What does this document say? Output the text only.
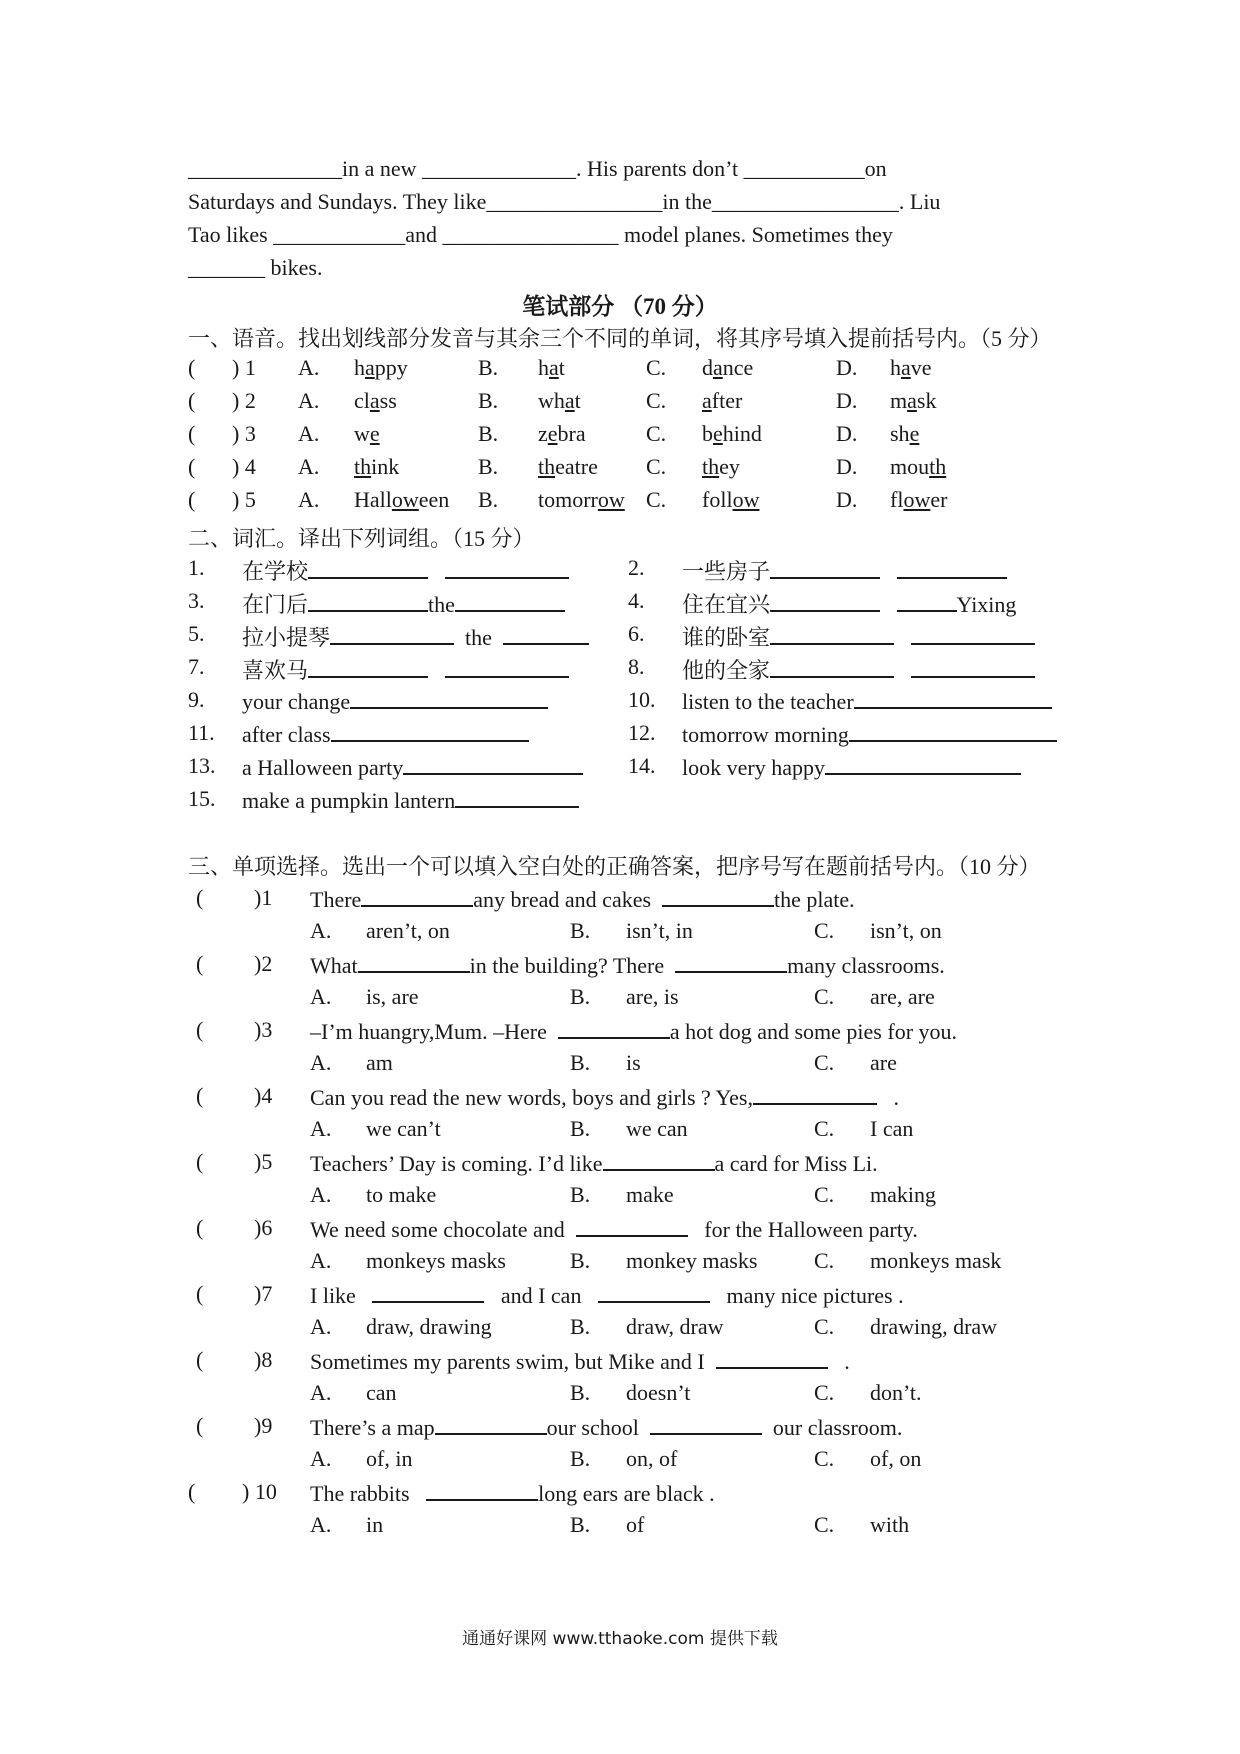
______________in a new ______________. His parents don’t ___________on
Saturdays and Sundays. They like________________in the_________________. Liu
Tao likes ____________and ________________ model planes. Sometimes they
_______ bikes.
笔试部分 （70 分）
一、语音。找出划线部分发音与其余三个不同的单词，将其序号填入提前括号内。（5 分）
( ) 1 A. happy	B. hat	C. dance	D. have
( ) 2 A. class	B. what	C. after	D. mask
( ) 3 A. we	B. zebra	C. behind	D. she
( ) 4 A. think	B. theatre C. they	D. mouth
( ) 5 A. Halloween B. tomorrow C. follow	D. flower
二、词汇。译出下列词组。（15 分）
1. 在学校	2. 一些房子
3. 在门后	the	4. 住在宜兴	Yixing
5. 拉小提琴	the	6. 谁的卧室
7. 喜欢马	8. 他的全家
9. your change	10. listen to the teacher
11. after class	12. tomorrow morning
13. a Halloween party	14. look very happy
15. make a pumpkin lantern
三、单项选择。选出一个可以填入空白处的正确答案，把序号写在题前括号内。（10 分）
( )1 There	any bread and cakes	the plate.
A. aren’t, on	B. isn’t, in	C. isn’t, on
( )2 What	in the building? There	many classrooms.
A. is, are	B. are, is	C. are, are
( )3 –I’m huangry,Mum. –Here	a hot dog and some pies for you.
A. am	B. is	C. are
( )4 Can you read the new words, boys and girls ? Yes,	.
A. we can’t	B. we can	C. I can
( )5 Teachers’ Day is coming. I’d like	a card for Miss Li.
A. to make	B. make	C. making
( )6 We need some chocolate and	for the Halloween party.
A. monkeys masks	B. monkey masks	C. monkeys mask
( )7 I like	and I can	many nice pictures .
A. draw, drawing	B. draw, draw	C. drawing, draw
( )8 Sometimes my parents swim, but Mike and I	.
A. can	B. doesn’t	C. don’t.
( )9 There’s a map	our school	our classroom.
A. of, in	B. on, of	C. of, on
( ) 10 The rabbits	long ears are black .
A. in	B. of	C. with
通通好课网 www.tthaoke.com 提供下载
